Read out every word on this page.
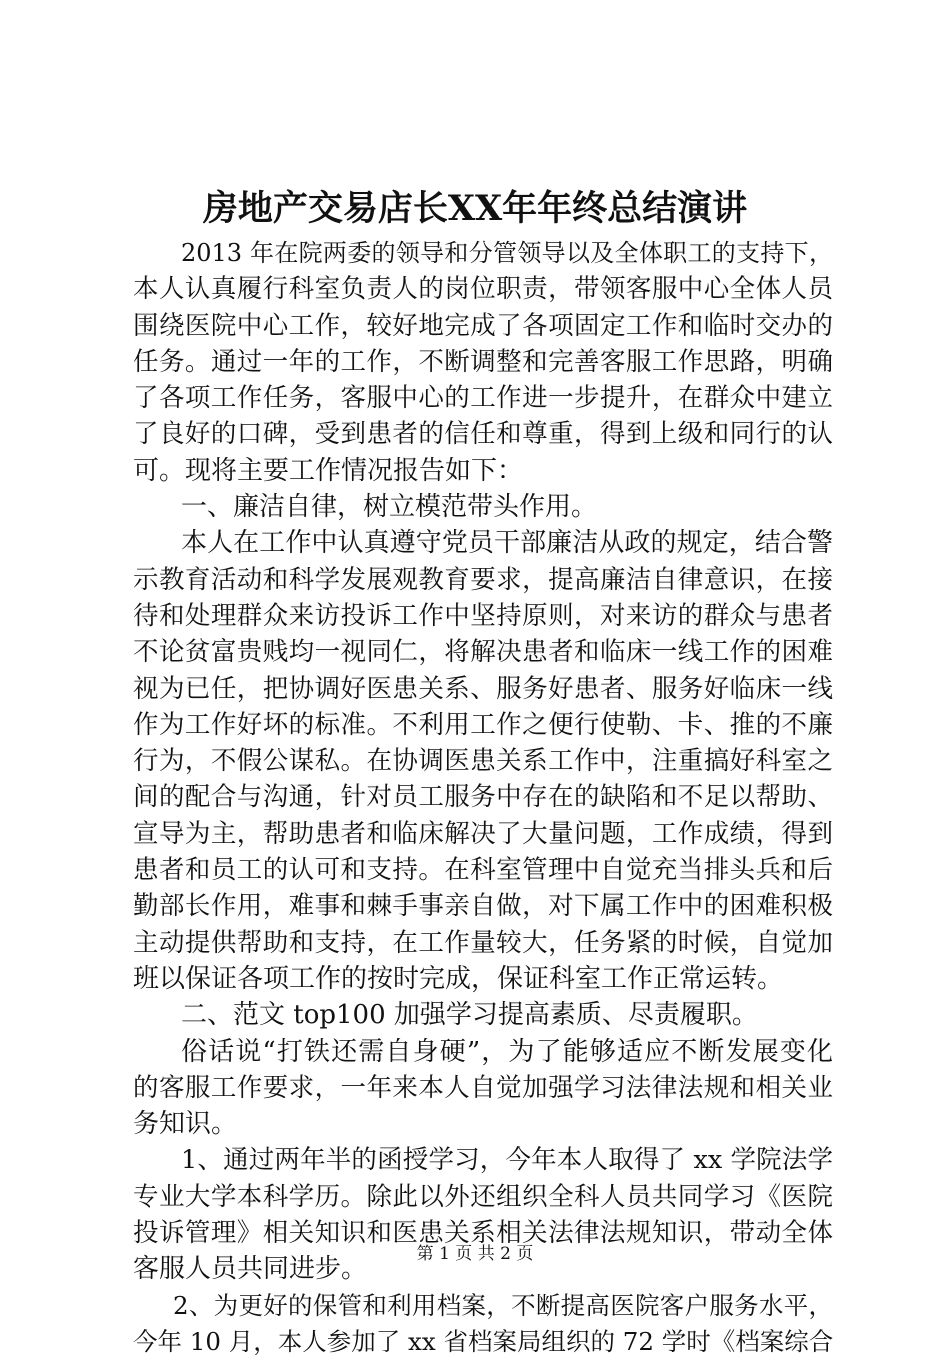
房地产交易店长XX年年终总结演讲
2013 年在院两委的领导和分管领导以及全体职工的支持下，
本人认真履行科室负责人的岗位职责，带领客服中心全体人员
围绕医院中心工作，较好地完成了各项固定工作和临时交办的
任务。通过一年的工作，不断调整和完善客服工作思路，明确
了各项工作任务，客服中心的工作进一步提升，在群众中建立
了良好的口碑，受到患者的信任和尊重，得到上级和同行的认
可。现将主要工作情况报告如下：
一、廉洁自律，树立模范带头作用。
本人在工作中认真遵守党员干部廉洁从政的规定，结合警
示教育活动和科学发展观教育要求，提高廉洁自律意识，在接
待和处理群众来访投诉工作中坚持原则，对来访的群众与患者
不论贫富贵贱均一视同仁，将解决患者和临床一线工作的困难
视为已任，把协调好医患关系、服务好患者、服务好临床一线
作为工作好坏的标准。不利用工作之便行使勒、卡、推的不廉
行为，不假公谋私。在协调医患关系工作中，注重搞好科室之
间的配合与沟通，针对员工服务中存在的缺陷和不足以帮助、
宣导为主，帮助患者和临床解决了大量问题，工作成绩，得到
患者和员工的认可和支持。在科室管理中自觉充当排头兵和后
勤部长作用，难事和棘手事亲自做，对下属工作中的困难积极
主动提供帮助和支持，在工作量较大，任务紧的时候，自觉加
班以保证各项工作的按时完成，保证科室工作正常运转。
二、范文 top100 加强学习提高素质、尽责履职。
俗话说“打铁还需自身硬”，为了能够适应不断发展变化
的客服工作要求，一年来本人自觉加强学习法律法规和相关业
务知识。
1、通过两年半的函授学习，今年本人取得了 xx 学院法学
专业大学本科学历。除此以外还组织全科人员共同学习《医院
投诉管理》相关知识和医患关系相关法律法规知识，带动全体
客服人员共同进步。
2、为更好的保管和利用档案，不断提高医院客户服务水平，
今年 10 月，本人参加了 xx 省档案局组织的 72 学时《档案综合
第 1 页 共 2 页
